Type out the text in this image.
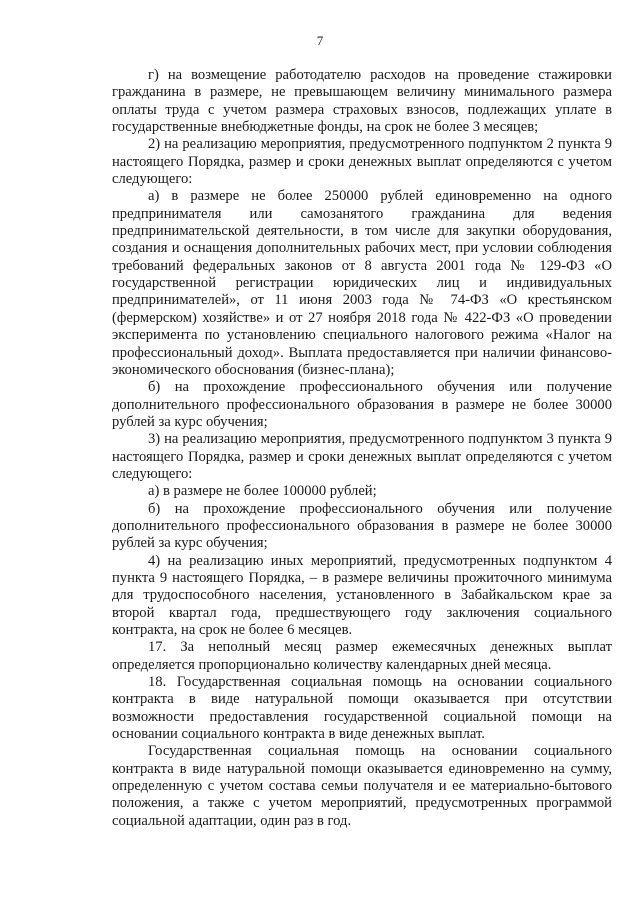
7

г) на возмещение работодателю расходов на проведение стажировки гражданина в размере, не превышающем величину минимального размера оплаты труда с учетом размера страховых взносов, подлежащих уплате в государственные внебюджетные фонды, на срок не более 3 месяцев;

2) на реализацию мероприятия, предусмотренного подпунктом 2 пункта 9 настоящего Порядка, размер и сроки денежных выплат определяются с учетом следующего:

а) в размере не более 250000 рублей единовременно на одного предпринимателя или самозанятого гражданина для ведения предпринимательской деятельности, в том числе для закупки оборудования, создания и оснащения дополнительных рабочих мест, при условии соблюдения требований федеральных законов от 8 августа 2001 года № 129-ФЗ «О государственной регистрации юридических лиц и индивидуальных предпринимателей», от 11 июня 2003 года № 74-ФЗ «О крестьянском (фермерском) хозяйстве» и от 27 ноября 2018 года № 422-ФЗ «О проведении эксперимента по установлению специального налогового режима «Налог на профессиональный доход». Выплата предоставляется при наличии финансово-экономического обоснования (бизнес-плана);

б) на прохождение профессионального обучения или получение дополнительного профессионального образования в размере не более 30000 рублей за курс обучения;

3) на реализацию мероприятия, предусмотренного подпунктом 3 пункта 9 настоящего Порядка, размер и сроки денежных выплат определяются с учетом следующего:

а) в размере не более 100000 рублей;

б) на прохождение профессионального обучения или получение дополнительного профессионального образования в размере не более 30000 рублей за курс обучения;

4) на реализацию иных мероприятий, предусмотренных подпунктом 4 пункта 9 настоящего Порядка, – в размере величины прожиточного минимума для трудоспособного населения, установленного в Забайкальском крае за второй квартал года, предшествующего году заключения социального контракта, на срок не более 6 месяцев.

17. За неполный месяц размер ежемесячных денежных выплат определяется пропорционально количеству календарных дней месяца.

18. Государственная социальная помощь на основании социального контракта в виде натуральной помощи оказывается при отсутствии возможности предоставления государственной социальной помощи на основании социального контракта в виде денежных выплат.

Государственная социальная помощь на основании социального контракта в виде натуральной помощи оказывается единовременно на сумму, определенную с учетом состава семьи получателя и ее материально-бытового положения, а также с учетом мероприятий, предусмотренных программой социальной адаптации, один раз в год.
